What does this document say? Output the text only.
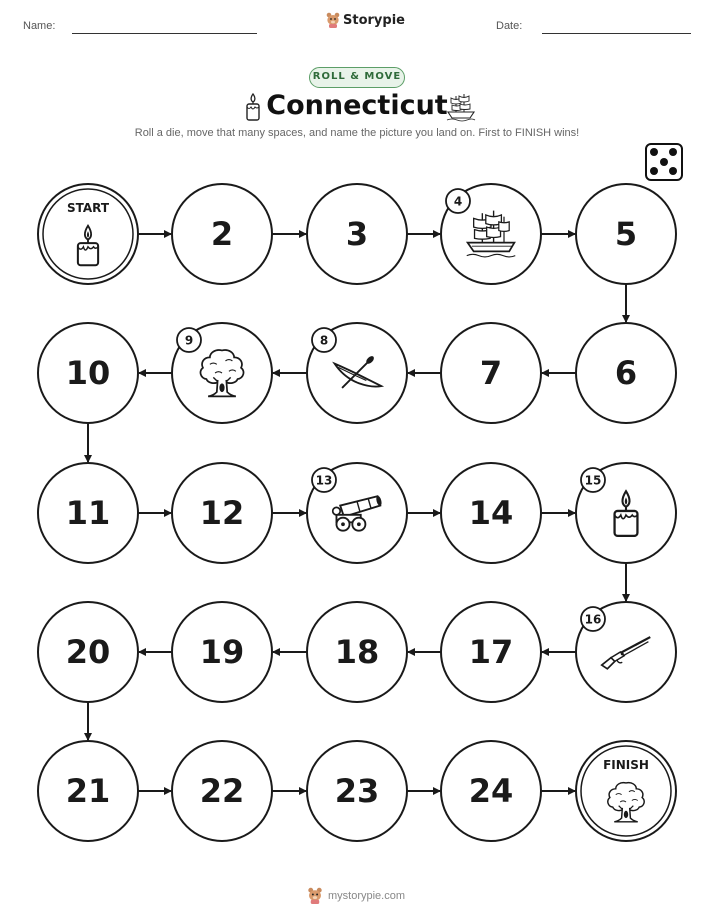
Name:	Storypie	Date:
ROLL & MOVE
Connecticut
Roll a die, move that many spaces, and name the picture you land on. First to FINISH wins!
START
2	3
4
5
6
7
8
9
10
11	12
13
14
15
16
17
18
19
20
21	22	23	24
FINISH
mystorypie.com
